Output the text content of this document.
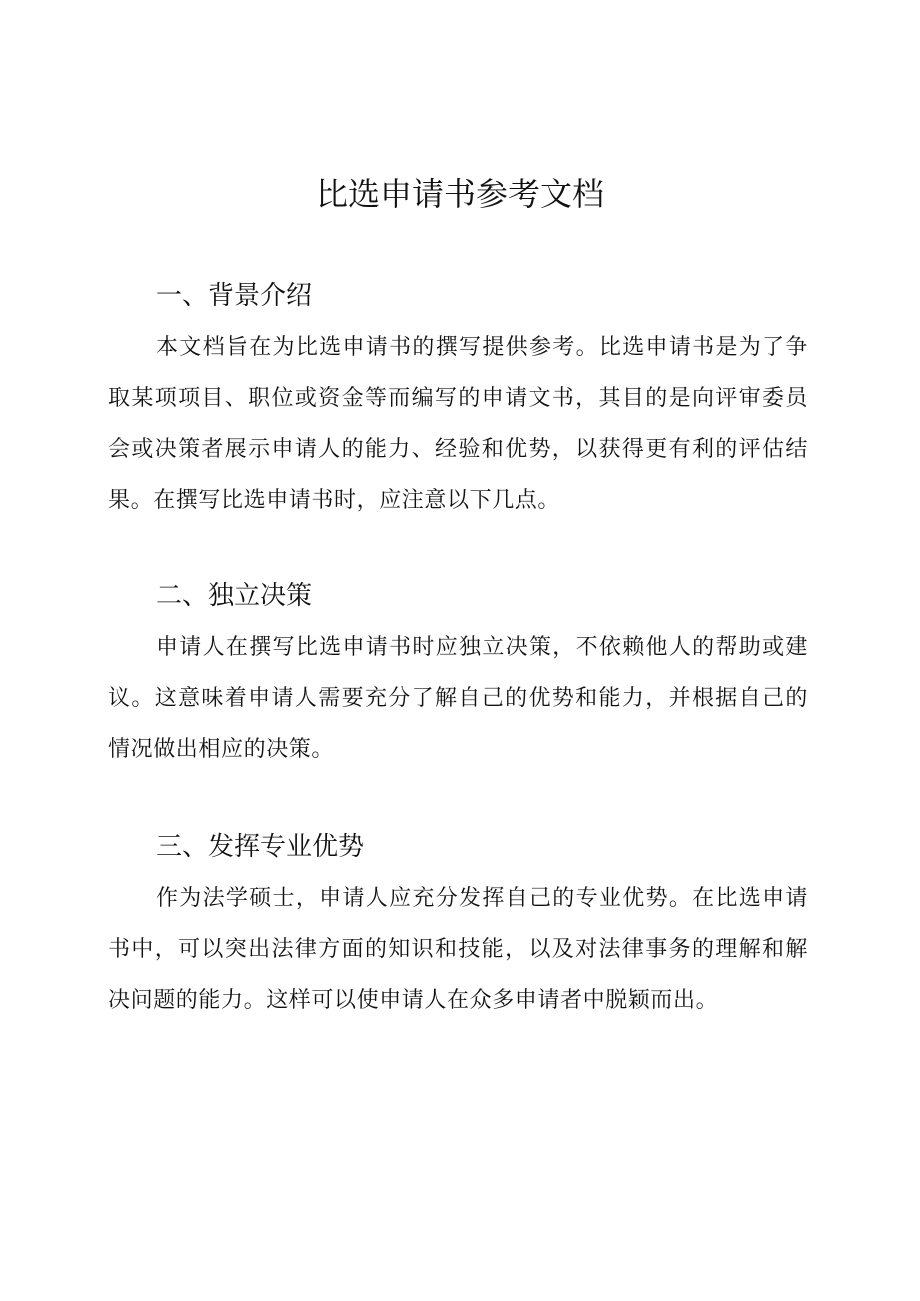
比选申请书参考文档
一、背景介绍

本文档旨在为比选申请书的撰写提供参考。比选申请书是为了争取某项项目、职位或资金等而编写的申请文书，其目的是向评审委员会或决策者展示申请人的能力、经验和优势，以获得更有利的评估结果。在撰写比选申请书时，应注意以下几点。

二、独立决策

申请人在撰写比选申请书时应独立决策，不依赖他人的帮助或建议。这意味着申请人需要充分了解自己的优势和能力，并根据自己的情况做出相应的决策。

三、发挥专业优势

作为法学硕士，申请人应充分发挥自己的专业优势。在比选申请书中，可以突出法律方面的知识和技能，以及对法律事务的理解和解决问题的能力。这样可以使申请人在众多申请者中脱颖而出。
